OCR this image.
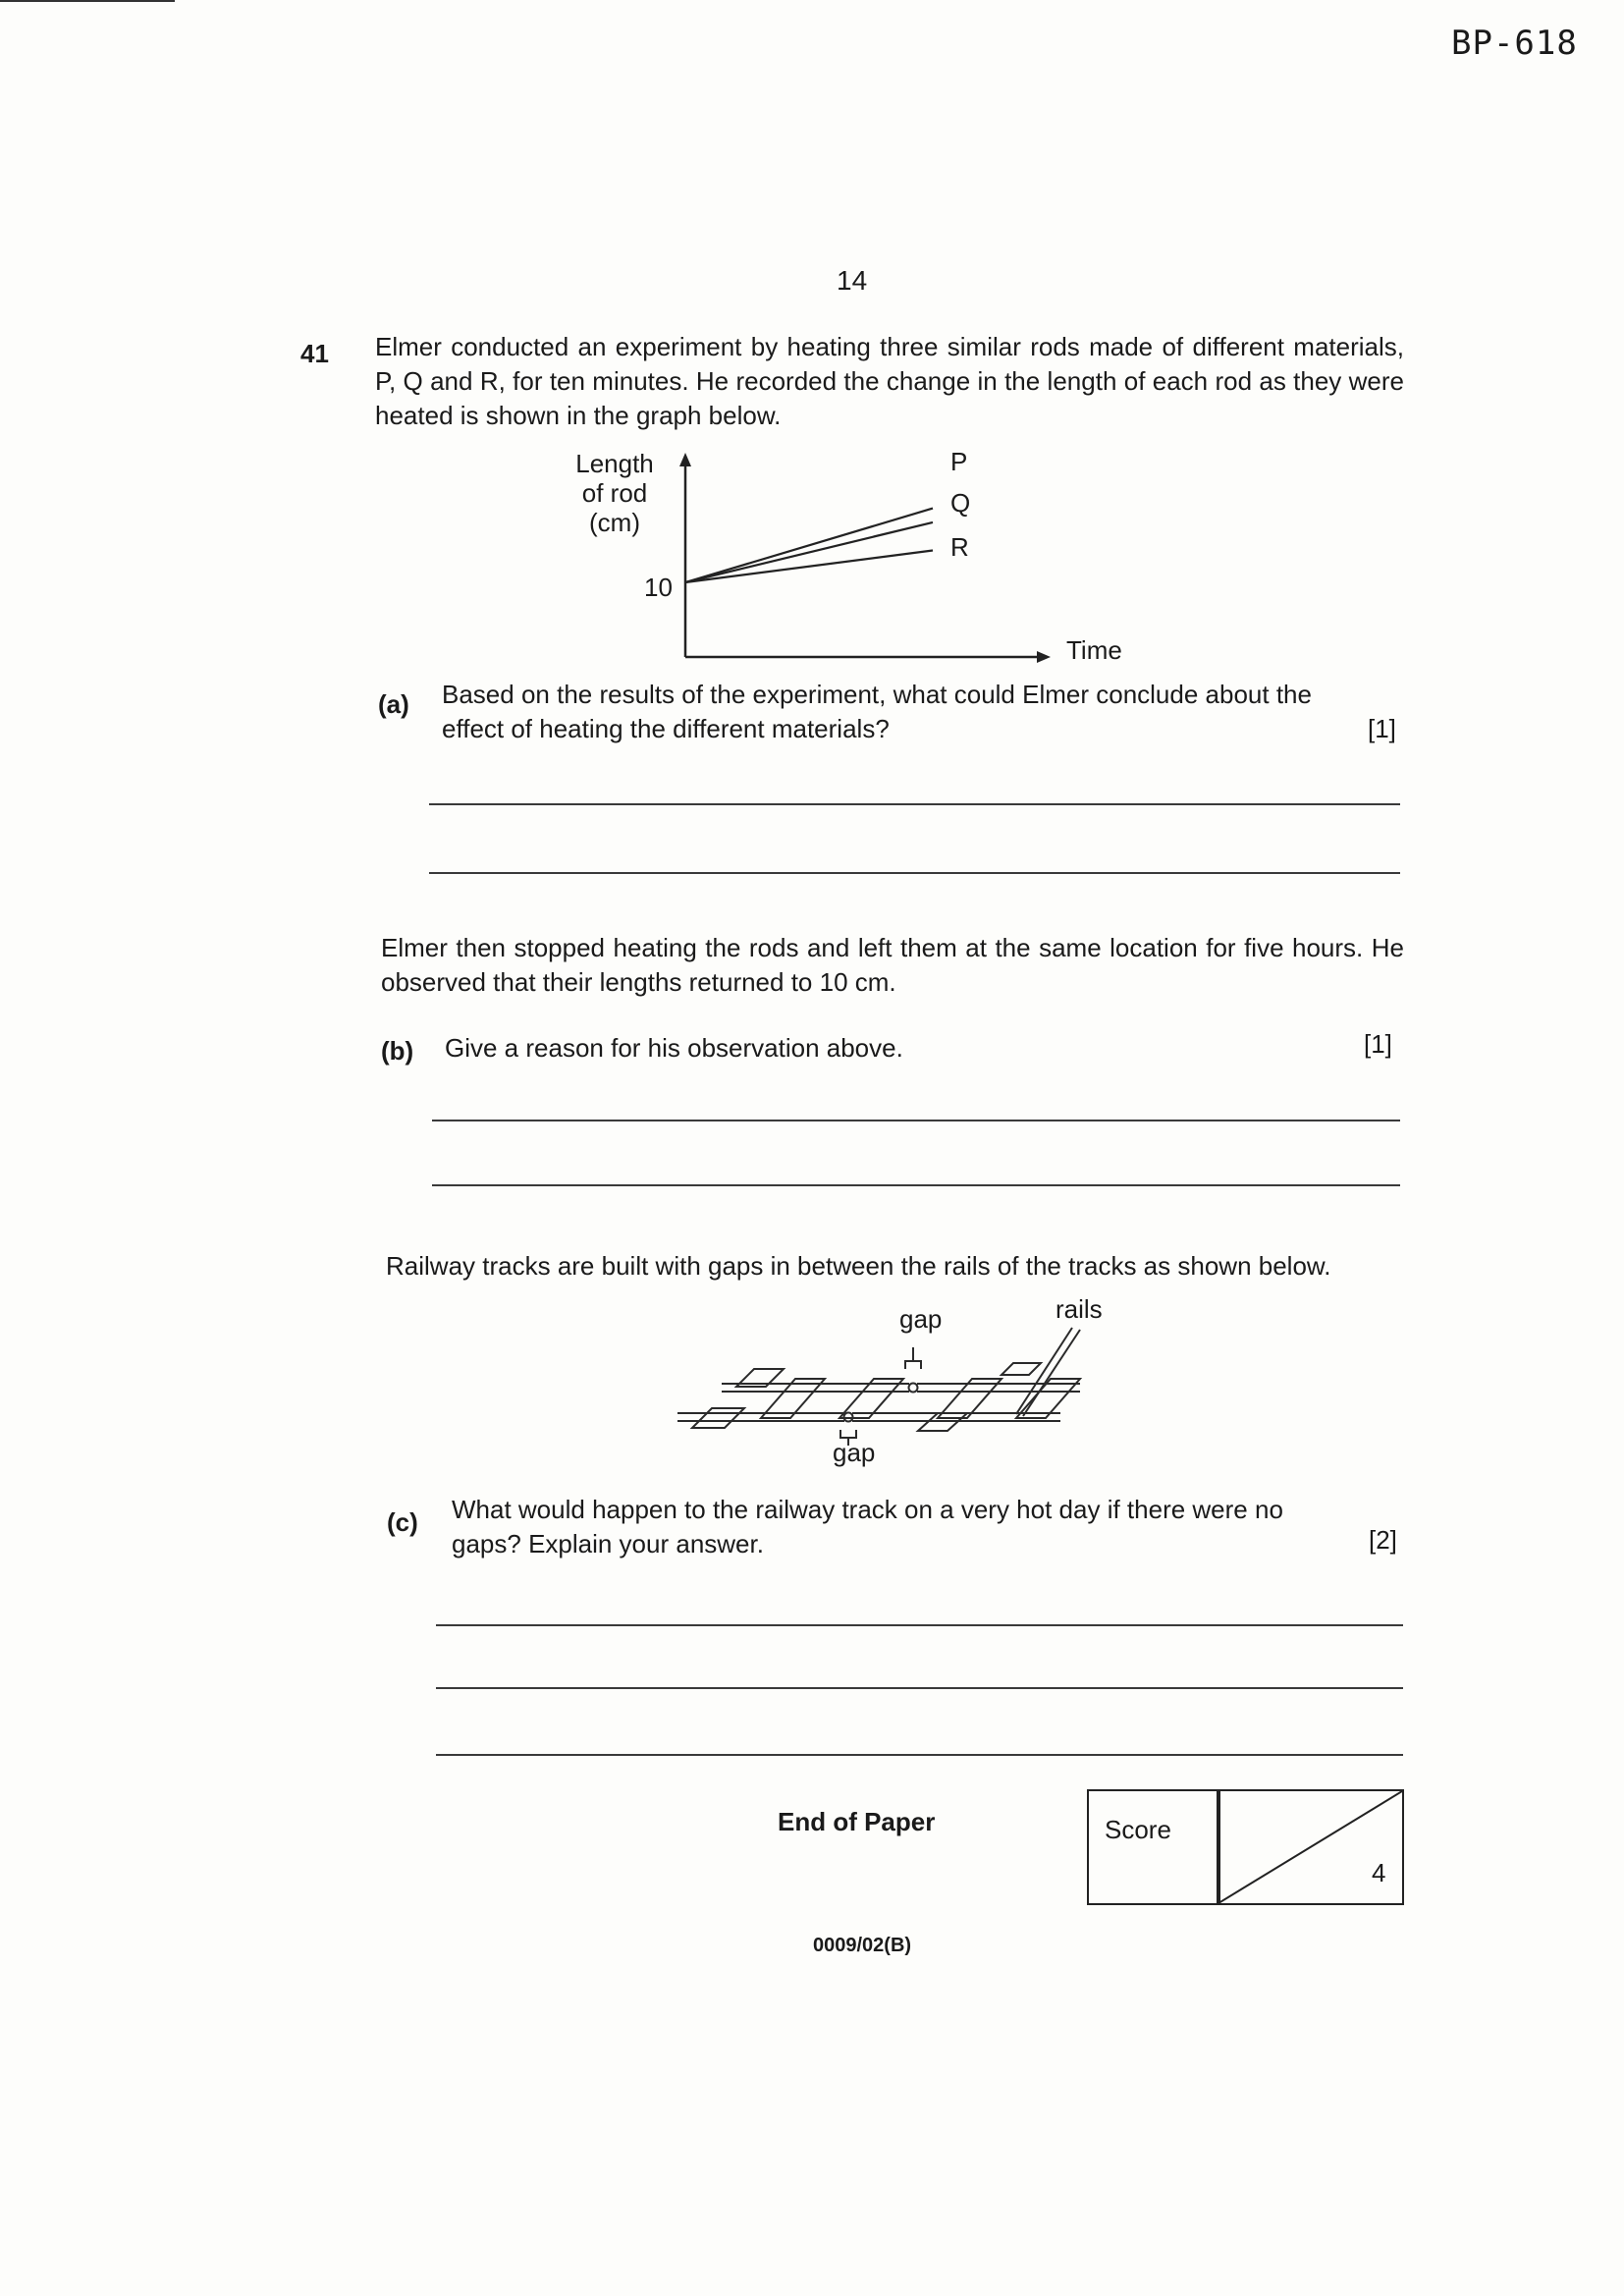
BP-618
14
41 Elmer conducted an experiment by heating three similar rods made of different materials, P, Q and R, for ten minutes. He recorded the change in the length of each rod as they were heated is shown in the graph below.
Length
of rod
(cm)
10
P
Q
R
Time
(a) Based on the results of the experiment, what could Elmer conclude about the
effect of heating the different materials?	[1]
Elmer then stopped heating the rods and left them at the same location for five hours. He observed that their lengths returned to 10 cm.
(b) Give a reason for his observation above.	[1]
Railway tracks are built with gaps in between the rails of the tracks as shown below.
gap	rails
gap
(c) What would happen to the railway track on a very hot day if there were no
gaps? Explain your answer.	[2]
End of Paper	Score
4
0009/02(B)
